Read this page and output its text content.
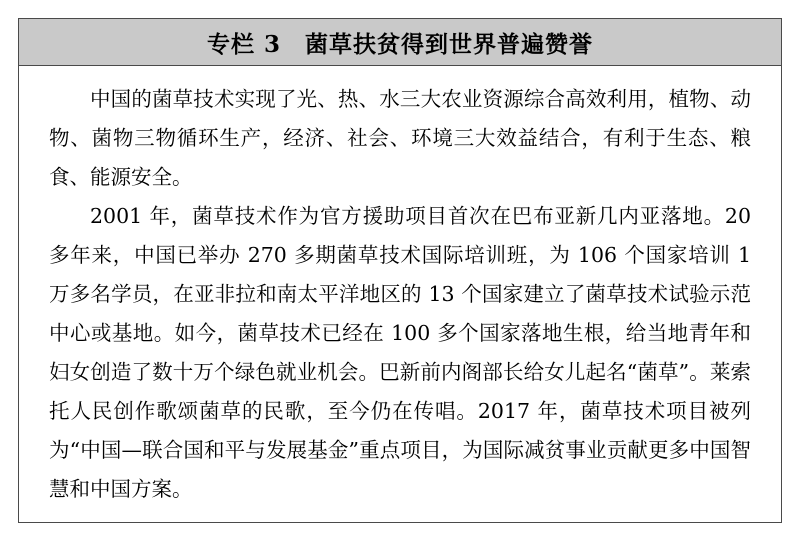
专栏 3　菌草扶贫得到世界普遍赞誉

中国的菌草技术实现了光、热、水三大农业资源综合高效利用，植物、动物、菌物三物循环生产，经济、社会、环境三大效益结合，有利于生态、粮食、能源安全。

2001 年，菌草技术作为官方援助项目首次在巴布亚新几内亚落地。20 多年来，中国已举办 270 多期菌草技术国际培训班，为 106 个国家培训 1 万多名学员，在亚非拉和南太平洋地区的 13 个国家建立了菌草技术试验示范中心或基地。如今，菌草技术已经在 100 多个国家落地生根，给当地青年和妇女创造了数十万个绿色就业机会。巴新前内阁部长给女儿起名“菌草”。莱索托人民创作歌颂菌草的民歌，至今仍在传唱。2017 年，菌草技术项目被列为“中国—联合国和平与发展基金”重点项目，为国际减贫事业贡献更多中国智慧和中国方案。
